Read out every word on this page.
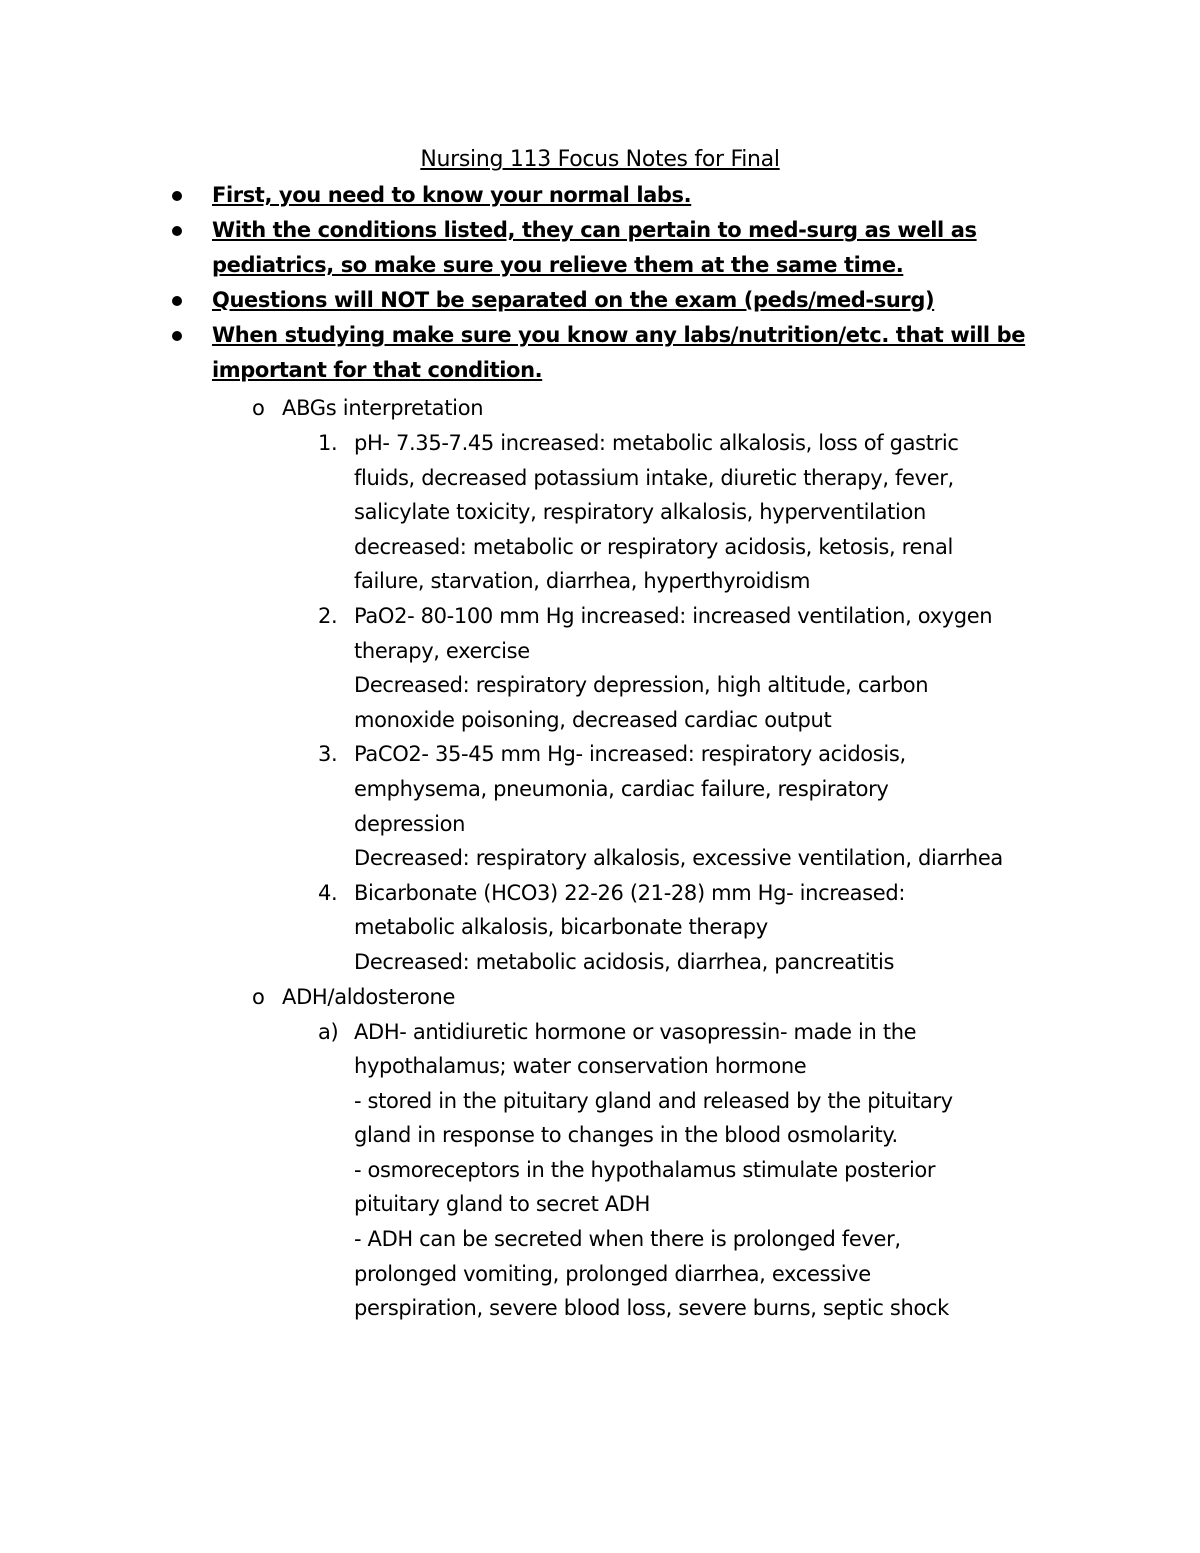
Nursing 113 Focus Notes for Final
First, you need to know your normal labs.
With the conditions listed, they can pertain to med-surg as well as
pediatrics, so make sure you relieve them at the same time.
Questions will NOT be separated on the exam (peds/med-surg)
When studying make sure you know any labs/nutrition/etc. that will be
important for that condition.
o ABGs interpretation
1. pH- 7.35-7.45 increased: metabolic alkalosis, loss of gastric
fluids, decreased potassium intake, diuretic therapy, fever,
salicylate toxicity, respiratory alkalosis, hyperventilation
decreased: metabolic or respiratory acidosis, ketosis, renal
failure, starvation, diarrhea, hyperthyroidism
2. PaO2- 80-100 mm Hg increased: increased ventilation, oxygen
therapy, exercise
Decreased: respiratory depression, high altitude, carbon
monoxide poisoning, decreased cardiac output
3. PaCO2- 35-45 mm Hg- increased: respiratory acidosis,
emphysema, pneumonia, cardiac failure, respiratory
depression
Decreased: respiratory alkalosis, excessive ventilation, diarrhea
4. Bicarbonate (HCO3) 22-26 (21-28) mm Hg- increased:
metabolic alkalosis, bicarbonate therapy
Decreased: metabolic acidosis, diarrhea, pancreatitis
o ADH/aldosterone
a) ADH- antidiuretic hormone or vasopressin- made in the
hypothalamus; water conservation hormone
- stored in the pituitary gland and released by the pituitary
gland in response to changes in the blood osmolarity.
- osmoreceptors in the hypothalamus stimulate posterior
pituitary gland to secret ADH
- ADH can be secreted when there is prolonged fever,
prolonged vomiting, prolonged diarrhea, excessive
perspiration, severe blood loss, severe burns, septic shock
